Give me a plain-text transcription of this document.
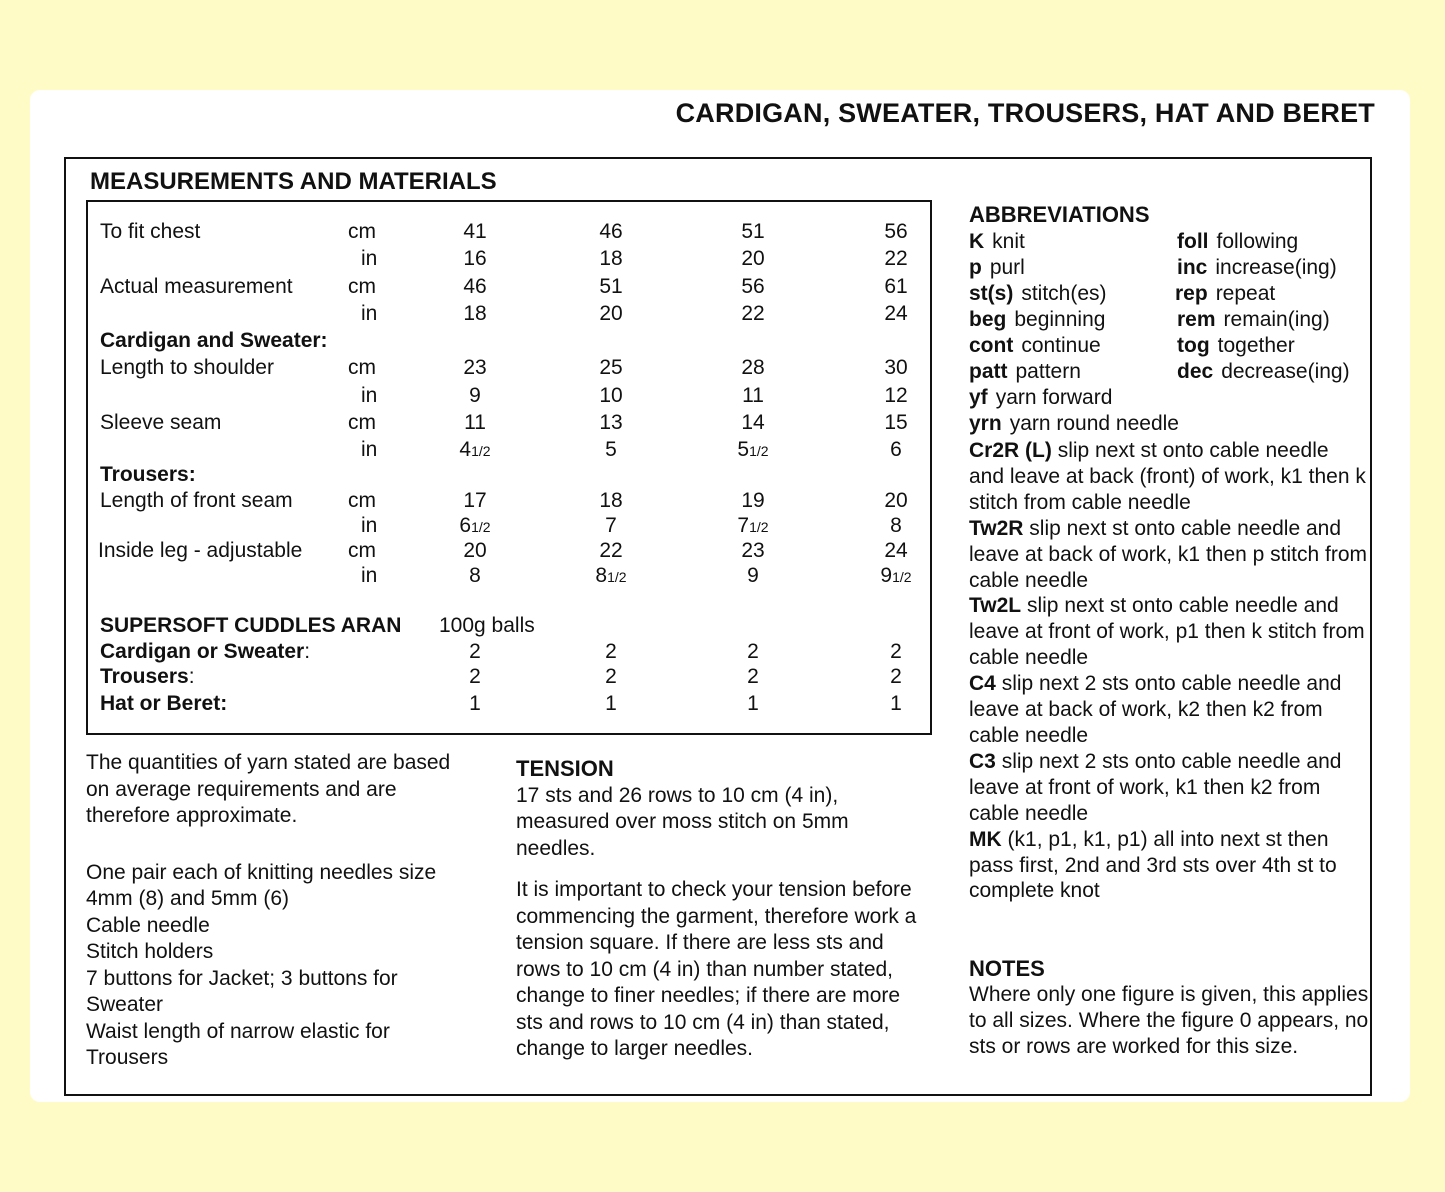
CARDIGAN, SWEATER, TROUSERS, HAT AND BERET
MEASUREMENTS AND MATERIALS
To fit chest	cm	41	46	51	56
in	16	18	20	22
Actual measurement	cm	46	51	56	61
in	18	20	22	24
Cardigan and Sweater:
Length to shoulder	cm	23	25	28	30
in	9	10	11	12
Sleeve seam	cm	11	13	14	15
in	41/2	5	51/2	6
Trousers:
Length of front seam	cm	17	18	19	20
in	61/2	7	71/2	8
Inside leg - adjustable cm	20	22	23	24
in	8	81/2	9	91/2
SUPERSOFT CUDDLES ARAN 100g balls
Cardigan or Sweater:	2	2	2	2
Trousers:	2	2	2	2
Hat or Beret:	1	1	1	1

The quantities of yarn stated are based on average requirements and are therefore approximate.

One pair each of knitting needles size 4mm (8) and 5mm (6)

Cable needle

Stitch holders

7 buttons for Jacket; 3 buttons for Sweater

Waist length of narrow elastic for Trousers

TENSION

17 sts and 26 rows to 10 cm (4 in), measured over moss stitch on 5mm needles.

It is important to check your tension before commencing the garment, therefore work a tension square. If there are less sts and rows to 10 cm (4 in) than number stated, change to finer needles; if there are more sts and rows to 10 cm (4 in) than stated, change to larger needles.

ABBREVIATIONS
K knit
p purl
st(s) stitch(es)
beg beginning
cont continue
patt pattern
yf yarn forward
yrn yarn round needle
foll following
inc increase(ing)
rep repeat
rem remain(ing)
tog together
dec decrease(ing)

Cr2R (L) slip next st onto cable needle and leave at back (front) of work, k1 then k stitch from cable needle

Tw2R slip next st onto cable needle and leave at back of work, k1 then p stitch from cable needle

Tw2L slip next st onto cable needle and leave at front of work, p1 then k stitch from cable needle

C4 slip next 2 sts onto cable needle and leave at back of work, k2 then k2 from cable needle

C3 slip next 2 sts onto cable needle and leave at front of work, k1 then k2 from cable needle

MK (k1, p1, k1, p1) all into next st then pass first, 2nd and 3rd sts over 4th st to complete knot

NOTES
Where only one figure is given, this applies to all sizes. Where the figure 0 appears, no sts or rows are worked for this size.
